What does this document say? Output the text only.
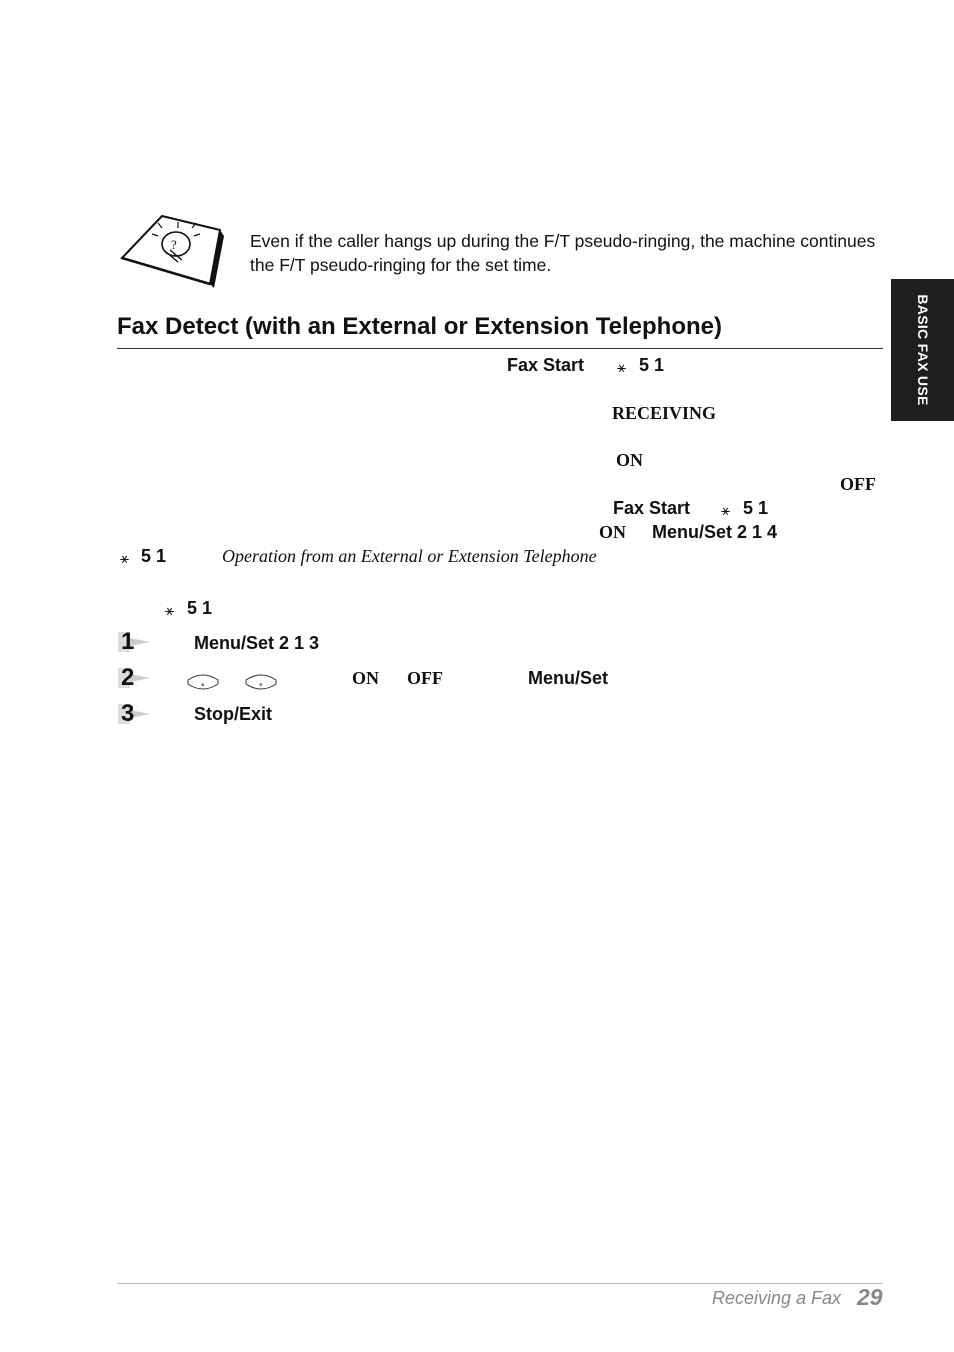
?	Even if the caller hangs up during the F/T pseudo-ringing, the machine continues the F/T pseudo-ringing for the set time.
Fax Detect (with an External or Extension Telephone)	BASIC FAX USE
Fax Start ⚹ 5 1
RECEIVING
ON
OFF
Fax Start ⚹ 5 1
ON Menu/Set 2 1 4
⚹ 5 1	Operation from an External or Extension Telephone
⚹ 5 1
1	Menu/Set 2 1 3
2	▴	▾	ON OFF	Menu/Set
3	Stop/Exit
Receiving a Fax 29
